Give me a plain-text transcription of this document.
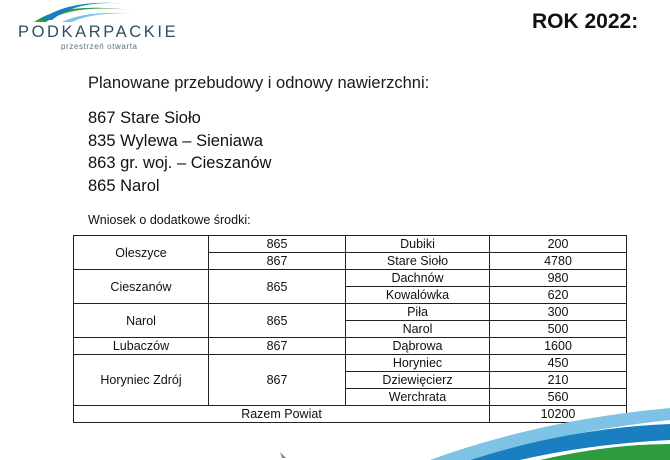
PODKARPACKIE
przestrzeń otwarta
ROK 2022:
Planowane przebudowy i odnowy nawierzchni:
867 Stare Sioło
835 Wylewa – Sieniawa
863 gr. woj. – Cieszanów
865 Narol
Wniosek o dodatkowe środki:
Oleszyce	865	Dubiki	200
	867	Stare Sioło	4780
Cieszanów	865	Dachnów	980
		Kowalówka	620
Narol	865	Piła	300
		Narol	500
Lubaczów	867	Dąbrowa	1600
Horyniec Zdrój	867	Horyniec	450
		Dziewięcierz	210
		Werchrata	560
Razem Powiat			10200
